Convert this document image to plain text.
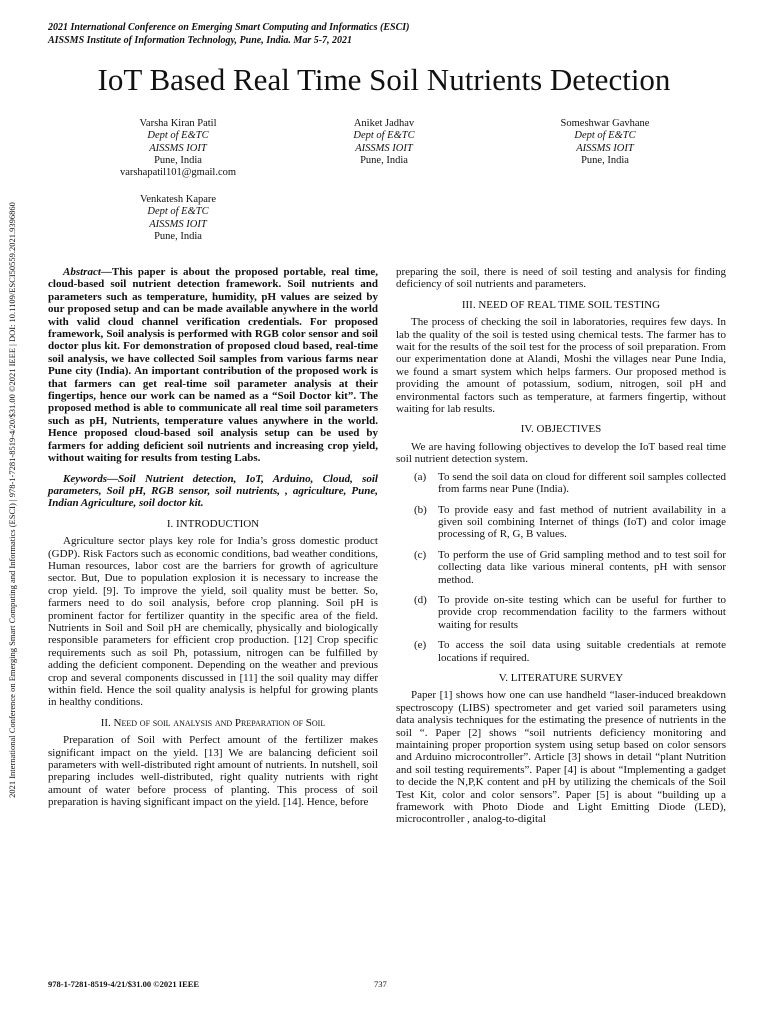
2021 International Conference on Emerging Smart Computing and Informatics (ESCI)
AISSMS Institute of Information Technology, Pune, India. Mar 5-7, 2021
2021 International Conference on Emerging Smart Computing and Informatics (ESCI) | 978-1-7281-8519-4/20/$31.00 ©2021 IEEE | DOI: 10.1109/ESCI50559.2021.9396860
IoT Based Real Time Soil Nutrients Detection
Varsha Kiran Patil
Dept of E&TC
AISSMS IOIT
Pune, India
varshapatil101@gmail.com
Aniket Jadhav
Dept of E&TC
AISSMS IOIT
Pune, India
Someshwar Gavhane
Dept of E&TC
AISSMS IOIT
Pune, India
Venkatesh Kapare
Dept of E&TC
AISSMS IOIT
Pune, India

Abstract—This paper is about the proposed portable, real time, cloud-based soil nutrient detection framework. Soil nutrients and parameters such as temperature, humidity, pH values are seized by our proposed setup and can be made available anywhere in the world with valid cloud channel verification credentials. For proposed framework, Soil analysis is performed with RGB color sensor and soil doctor plus kit. For demonstration of proposed cloud based, real-time soil analysis, we have collected Soil samples from various farms near Pune city (India). An important contribution of the proposed work is that farmers can get real-time soil parameter analysis at their fingertips, hence our work can be named as a “Soil Doctor kit”. The proposed method is able to communicate all real time soil parameters such as pH, Nutrients, temperature values anywhere in the world. Hence proposed cloud-based soil analysis setup can be used by farmers for adding deficient soil nutrients and increasing crop yield, without waiting for results from testing Labs.

Keywords—Soil Nutrient detection, IoT, Arduino, Cloud, soil parameters, Soil pH, RGB sensor, soil nutrients, , agriculture, Pune, Indian Agriculture, soil doctor kit.

I. INTRODUCTION

Agriculture sector plays key role for India’s gross domestic product (GDP). Risk Factors such as economic conditions, bad weather conditions, Human resources, labor cost are the barriers for growth of agriculture sector. But, Due to population explosion it is necessary to increase the crop yield. [9]. To improve the yield, soil quality must be better. So, farmers need to do soil analysis, before crop planning. Soil pH is prominent factor for fertilizer quantity in the specific area of the field. Nutrients in Soil and Soil pH are chemically, physically and biologically responsible parameters for efficient crop production. [12] Crop specific requirements such as soil Ph, potassium, nitrogen can be fulfilled by adding the deficient component. Depending on the weather and previous crop and several components discussed in [11] the soil quality may differ within field. Hence the soil quality analysis is helpful for growing plants in healthy conditions.

II. Need of soil analysis and Preparation of Soil

Preparation of Soil with Perfect amount of the fertilizer makes significant impact on the yield. [13] We are balancing deficient soil parameters with well-distributed right amount of nutrients. In nutshell, soil preparing includes well-distributed, right quality nutrients with right amount of water before process of planting. This process of soil preparation is having significant impact on the yield. [14]. Hence, before

preparing the soil, there is need of soil testing and analysis for finding deficiency of soil nutrients and parameters.

III. NEED OF REAL TIME SOIL TESTING

The process of checking the soil in laboratories, requires few days. In lab the quality of the soil is tested using chemical tests. The farmer has to wait for the results of the soil test for the process of soil preparation. From our experimentation done at Alandi, Moshi the villages near Pune India, we found a smart system which helps farmers. Our proposed method is providing the amount of potassium, sodium, nitrogen, soil pH and environmental factors such as temperature, at farmers fingertip, without waiting for lab results.

IV. OBJECTIVES

We are having following objectives to develop the IoT based real time soil nutrient detection system.

(a) To send the soil data on cloud for different soil samples collected from farms near Pune (India).
(b) To provide easy and fast method of nutrient availability in a given soil combining Internet of things (IoT) and color image processing of R, G, B values.
(c) To perform the use of Grid sampling method and to test soil for collecting data like various mineral contents, pH with sensor method.
(d) To provide on-site testing which can be useful for further to provide crop recommendation facility to the farmers without waiting for results
(e) To access the soil data using suitable credentials at remote locations if required.

V. LITERATURE SURVEY

Paper [1] shows how one can use handheld “laser-induced breakdown spectroscopy (LIBS) spectrometer and get varied soil parameters using data analysis techniques for the estimating the presence of nutrients in the soil “. Paper [2] shows “soil nutrients deficiency monitoring and maintaining proper proportion system using setup based on color sensors and Arduino microcontroller”. Article [3] shows in detail “plant Nutrition and soil testing requirements”. Paper [4] is about “Implementing a gadget to decide the N,P,K content and pH by utilizing the chemicals of the Soil Test Kit, color and color sensors”. Paper [5] is about “building up a framework with Photo Diode and Light Emitting Diode (LED), microcontroller , analog-to-digital

978-1-7281-8519-4/21/$31.00 ©2021 IEEE	737
